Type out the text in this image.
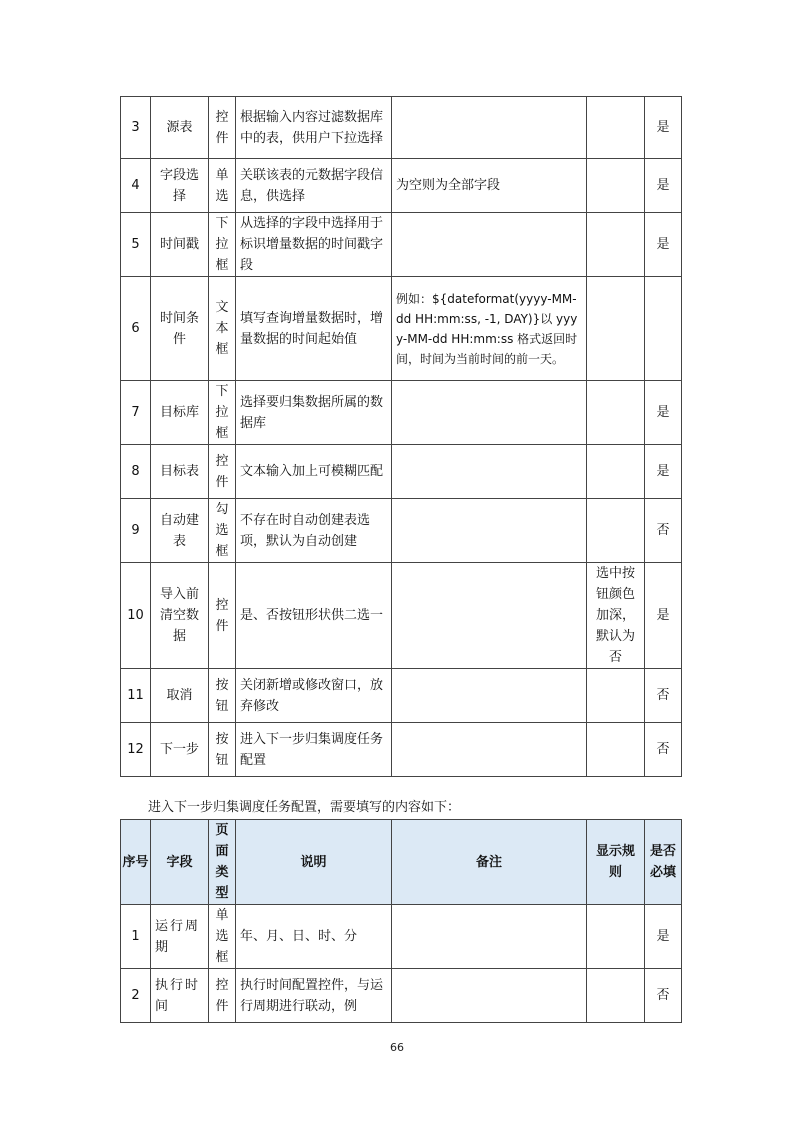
3	源表	控件	根据输入内容过滤数据库中的表，供用户下拉选择			是
4	字段选择	单选	关联该表的元数据字段信息，供选择	为空则为全部字段		是
5	时间戳	下拉框	从选择的字段中选择用于标识增量数据的时间戳字段			是
6	时间条件	文本框	填写查询增量数据时，增量数据的时间起始值	例如：${dateformat(yyyy-MM-dd HH:mm:ss, -1, DAY)}以 yyyy-MM-dd HH:mm:ss 格式返回时间，时间为当前时间的前一天。		
7	目标库	下拉框	选择要归集数据所属的数据库			是
8	目标表	控件	文本输入加上可模糊匹配			是
9	自动建表	勾选框	不存在时自动创建表选项，默认为自动创建			否
10	导入前清空数据	控件	是、否按钮形状供二选一		选中按钮颜色加深，默认为否	是
11	取消	按钮	关闭新增或修改窗口，放弃修改			否
12	下一步	按钮	进入下一步归集调度任务配置			否
进入下一步归集调度任务配置，需要填写的内容如下：
序号	字段	页面类型	说明	备注	显示规则	是否必填
1	运行周期	单选框	年、月、日、时、分			是
2	执行时间	控件	执行时间配置控件，与运行周期进行联动，例			否
66
